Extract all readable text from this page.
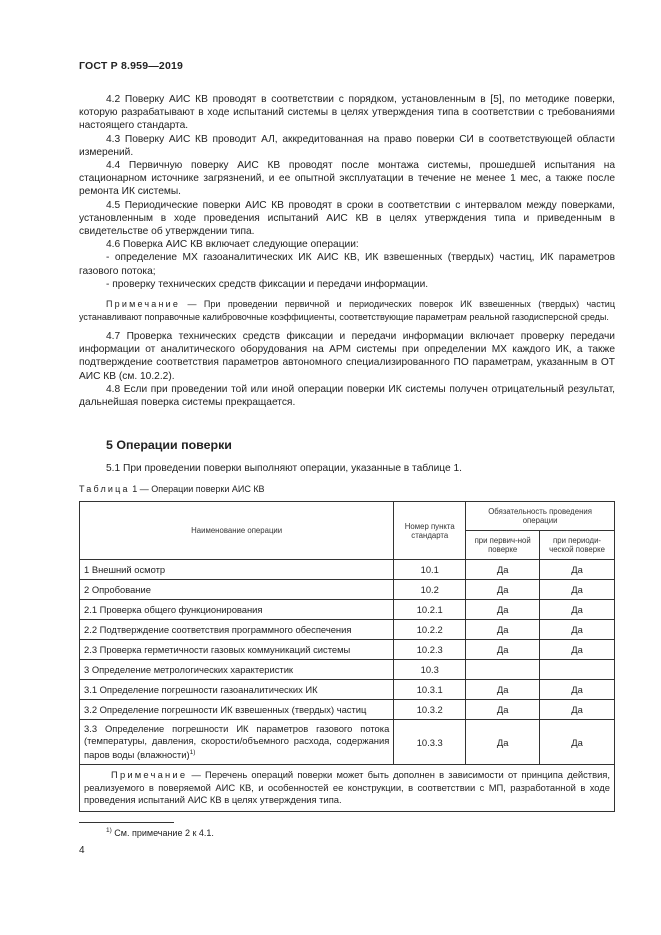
ГОСТ Р 8.959—2019

4.2 Поверку АИС КВ проводят в соответствии с порядком, установленным в [5], по методике поверки, которую разрабатывают в ходе испытаний системы в целях утверждения типа в соответствии с требованиями настоящего стандарта.

4.3 Поверку АИС КВ проводит АЛ, аккредитованная на право поверки СИ в соответствующей области измерений.

4.4 Первичную поверку АИС КВ проводят после монтажа системы, прошедшей испытания на стационарном источнике загрязнений, и ее опытной эксплуатации в течение не менее 1 мес, а также после ремонта ИК системы.

4.5 Периодические поверки АИС КВ проводят в сроки в соответствии с интервалом между поверками, установленным в ходе проведения испытаний АИС КВ в целях утверждения типа и приведенным в свидетельстве об утверждении типа.

4.6 Поверка АИС КВ включает следующие операции:

- определение МХ газоаналитических ИК АИС КВ, ИК взвешенных (твердых) частиц, ИК параметров газового потока;

- проверку технических средств фиксации и передачи информации.

Примечание — При проведении первичной и периодических поверок ИК взвешенных (твердых) частиц устанавливают поправочные калибровочные коэффициенты, соответствующие параметрам реальной газодисперсной среды.

4.7 Проверка технических средств фиксации и передачи информации включает проверку передачи информации от аналитического оборудования на АРМ системы при определении МХ каждого ИК, а также подтверждение соответствия параметров автономного специализированного ПО параметрам, указанным в ОТ АИС КВ (см. 10.2.2).

4.8 Если при проведении той или иной операции поверки ИК системы получен отрицательный результат, дальнейшая поверка системы прекращается.

5 Операции поверки
5.1 При проведении поверки выполняют операции, указанные в таблице 1.
Таблица 1 — Операции поверки АИС КВ
Наименование операции	Номер пункта стандарта	Обязательность проведения операции	
		при первич-ной поверке	при периоди-ческой поверке
1 Внешний осмотр	10.1	Да	Да
2 Опробование	10.2	Да	Да
2.1 Проверка общего функционирования	10.2.1	Да	Да
2.2 Подтверждение соответствия программного обеспечения	10.2.2	Да	Да
2.3 Проверка герметичности газовых коммуникаций системы	10.2.3	Да	Да
3 Определение метрологических характеристик	10.3		
3.1 Определение погрешности газоаналитических ИК	10.3.1	Да	Да
3.2 Определение погрешности ИК взвешенных (твердых) частиц	10.3.2	Да	Да
3.3 Определение погрешности ИК параметров газового потока (температуры, давления, скорости/объемного расхода, содержания паров воды (влажности)$^{1)}$	10.3.3	Да	Да
Примечание — Перечень операций поверки может быть дополнен в зависимости от принципа действия, реализуемого в поверяемой АИС КВ, и особенностей ее конструкции, в соответствии с МП, разработанной в ходе проведения испытаний АИС КВ в целях утверждения типа.			
$^{1)}$ См. примечание 2 к 4.1.
4
